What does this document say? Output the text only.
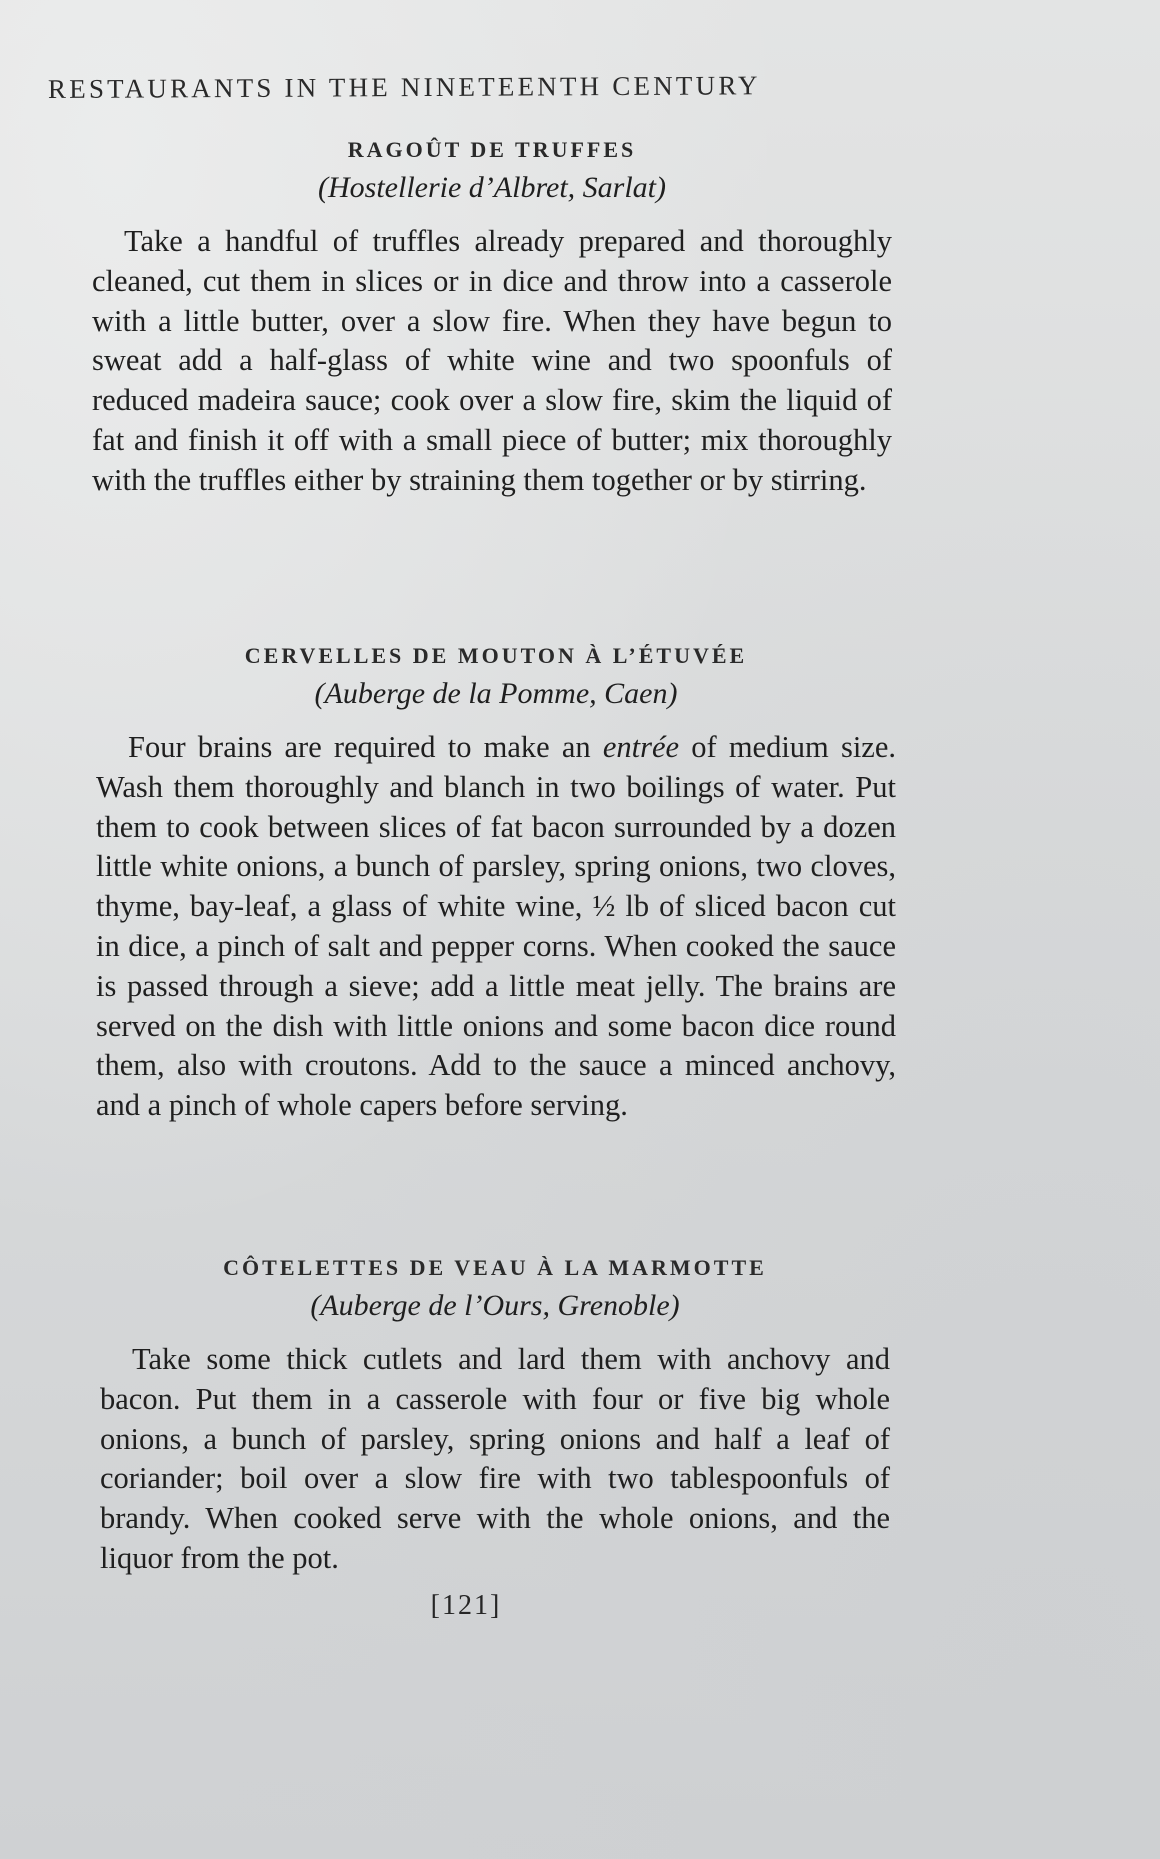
RESTAURANTS IN THE NINETEENTH CENTURY
RAGOÛT DE TRUFFES

(Hostellerie d’Albret, Sarlat)

Take a handful of truffles already prepared and thoroughly cleaned, cut them in slices or in dice and throw into a casserole with a little butter, over a slow fire. When they have begun to sweat add a half-glass of white wine and two spoonfuls of reduced madeira sauce; cook over a slow fire, skim the liquid of fat and finish it off with a small piece of butter; mix thoroughly with the truffles either by straining them together or by stirring.

CERVELLES DE MOUTON À L’ÉTUVÉE

(Auberge de la Pomme, Caen)

Four brains are required to make an entrée of medium size. Wash them thoroughly and blanch in two boilings of water. Put them to cook between slices of fat bacon surrounded by a dozen little white onions, a bunch of parsley, spring onions, two cloves, thyme, bay-leaf, a glass of white wine, ½ lb of sliced bacon cut in dice, a pinch of salt and pepper corns. When cooked the sauce is passed through a sieve; add a little meat jelly. The brains are served on the dish with little onions and some bacon dice round them, also with croutons. Add to the sauce a minced anchovy, and a pinch of whole capers before serving.

CÔTELETTES DE VEAU À LA MARMOTTE

(Auberge de l’Ours, Grenoble)

Take some thick cutlets and lard them with anchovy and bacon. Put them in a casserole with four or five big whole onions, a bunch of parsley, spring onions and half a leaf of coriander; boil over a slow fire with two tablespoonfuls of brandy. When cooked serve with the whole onions, and the liquor from the pot.

[121]
